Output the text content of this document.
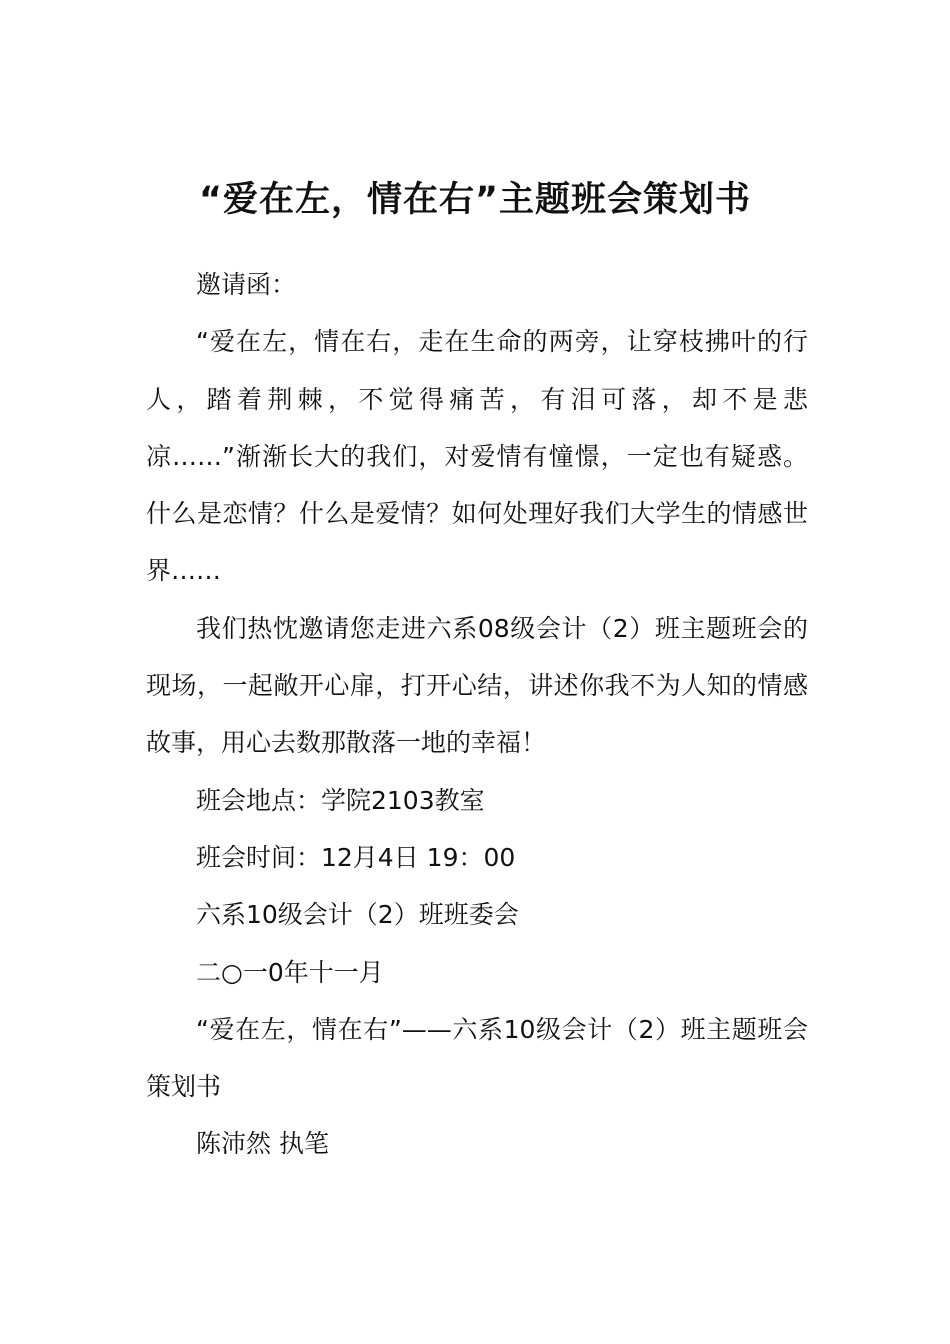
“爱在左，情在右”主题班会策划书

邀请函：

“爱在左，情在右，走在生命的两旁，让穿枝拂叶的行人，踏着荆棘，不觉得痛苦，有泪可落，却不是悲凉……”渐渐长大的我们，对爱情有憧憬，一定也有疑惑。什么是恋情？什么是爱情？如何处理好我们大学生的情感世界……

我们热忱邀请您走进六系08级会计（2）班主题班会的现场，一起敞开心扉，打开心结，讲述你我不为人知的情感故事，用心去数那散落一地的幸福！

班会地点：学院2103教室

班会时间：12月4日 19：00

六系10级会计（2）班班委会

二○一0年十一月

“爱在左，情在右”——六系10级会计（2）班主题班会策划书

陈沛然 执笔
